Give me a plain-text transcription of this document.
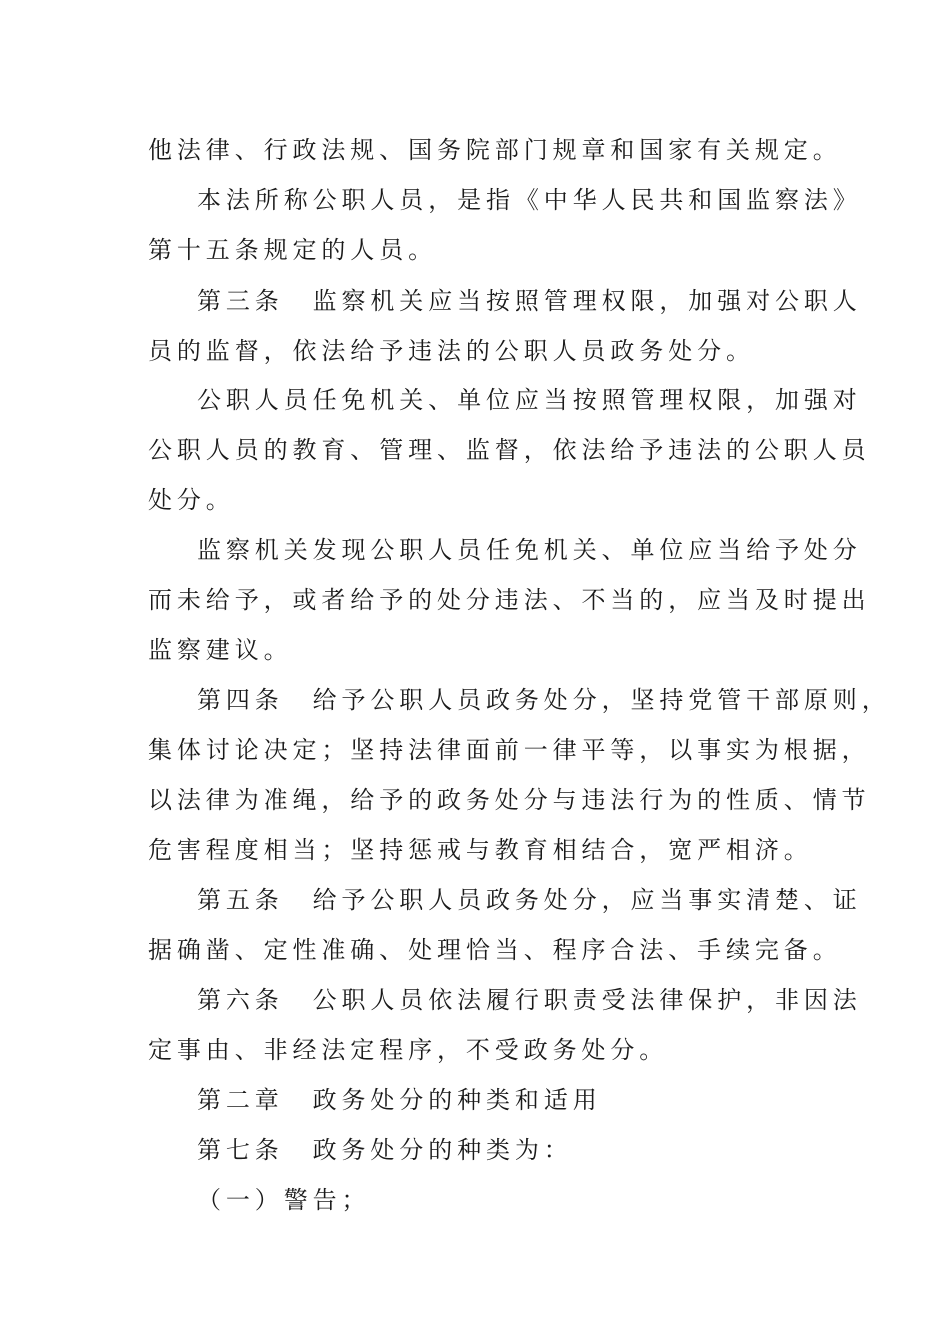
他法律、行政法规、国务院部门规章和国家有关规定。
本法所称公职人员，是指《中华人民共和国监察法》
第十五条规定的人员。
第三条　监察机关应当按照管理权限，加强对公职人
员的监督，依法给予违法的公职人员政务处分。
公职人员任免机关、单位应当按照管理权限，加强对
公职人员的教育、管理、监督，依法给予违法的公职人员
处分。
监察机关发现公职人员任免机关、单位应当给予处分
而未给予，或者给予的处分违法、不当的，应当及时提出
监察建议。
第四条　给予公职人员政务处分，坚持党管干部原则，
集体讨论决定；坚持法律面前一律平等，以事实为根据，
以法律为准绳，给予的政务处分与违法行为的性质、情节
危害程度相当；坚持惩戒与教育相结合，宽严相济。
第五条　给予公职人员政务处分，应当事实清楚、证
据确凿、定性准确、处理恰当、程序合法、手续完备。
第六条　公职人员依法履行职责受法律保护，非因法
定事由、非经法定程序，不受政务处分。
第二章　政务处分的种类和适用
第七条　政务处分的种类为：
（一）警告；
